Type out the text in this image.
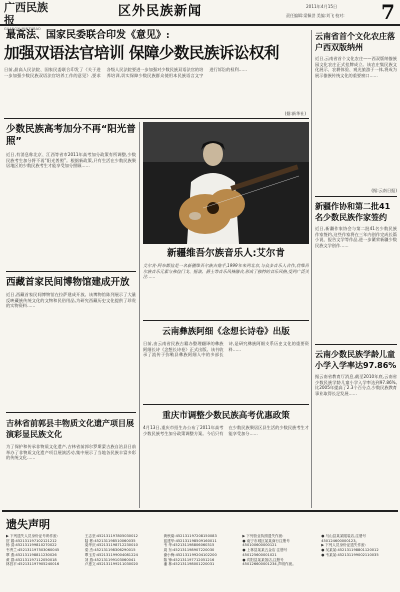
广西民族报
GUANGXI MINZUBAO
区外民族新闻	2011年4月15日
责任编辑:梁佩誉 美编:刘飞 校对:	7
最高法、国家民委联合印发《意见》:
加强双语法官培训 保障少数民族诉讼权利
日前,最高人民法院、国家民委联合印发了《关于进一步加强少数民族双语法官培养工作的意见》,要求各级人民法院要进一步加强对少数民族双语法官的培养培训,切实保障少数民族群众使用本民族语言文字进行诉讼的权利……
(据:新华社)
少数民族高考加分不再“阳光普照”
近日,有消息称北京、江西等省市2011年高考加分政策有所调整,少数民族考生加分将不再“阳光普照”。根据新政策,只有生活在少数民族聚居地区的少数民族考生才能享受加分照顾……
西藏首家民间博物馆建成开放
近日,西藏首家民间博物馆在拉萨建成开放。该博物馆陈列展示了大量反映藏族传统文化的文物和民俗用品,为研究西藏历史文化提供了珍贵的实物资料……
吉林省前郭县丰物质文化遗产项目展演彩显民族文化
为了保护和传承非物质文化遗产,吉林省前郭尔罗斯蒙古族自治县日前举办了非物质文化遗产项目展演活动,集中展示了当地各民族丰富多彩的传统文化……
新疆维吾尔族音乐人:艾尔肯
艾尔肯·阿布都拉是一名新疆维吾尔族吉他手,1999年来到北京,与众多音乐人合作,将维吾尔族音乐元素与弗拉门戈、摇滚、爵士等音乐风格融合,形成了独特的音乐风格,受到广泛关注……
云南彝族阿细《念想长诗卷》出版
日前,由云南省民族古籍办整理翻译的彝族阿细长诗《念想长诗卷》正式出版。该书收录了流传于弥勒县彝族阿细人中的多部长诗,是研究彝族阿细支系历史文化的重要资料……
重庆市调整少数民族高考优惠政策
4月13日,重庆市招生办公布了2011年高考少数民族考生加分政策调整方案。今后只有在少数民族聚居区县生活的少数民族考生才能享受加分……
云南省首个文化农庄落户西双版纳州
近日,云南省首个文化农庄——西双版纳傣族园文化农庄正式挂牌成立。该农庄集民族文化展示、农耕体验、观光旅游于一体,将成为展示傣族传统文化的重要窗口……
(据:云南日报)
新疆作协和第二批41名少数民族作家签约
近日,新疆作家协会与第二批41名少数民族作家签约,这些作家将在三年内创作完成长篇小说、报告文学等作品,进一步繁荣新疆少数民族文学创作……
云南少数民族学龄儿童小学入学率达97.86%
据云南省教育厅消息,截至2010年底,云南省少数民族学龄儿童小学入学率达到97.86%,比2005年提高了2.3个百分点,少数民族教育事业取得长足发展……
遗失声明
▶ 下列遗失人员身份证号码作废:
贺 娟:452131197102121212
杨 清:452131199810270022
韦秀兰:452131197503060045
覃 燕:452131198811230026
黄 群:452131197112050018
林昌平:452131197905240016
王志坚:452131197805030012
陆 彬:452131198510060035
莫华庆:452131198712230010
梁 杰:452131198306290015
覃玉芳:452131199004081224
刘 燕:452131199103060041
卢惠文:452131199211030020
黄秋菊:452131197208150083
蓝建华:452131198509160011
韦 华:452131198806060315
周 东:452131198907220030
谢小梅:452131199204102200
陈 锋:452131197712051216
潘 林:452131198001220031
▶ 下列营业执照遗失作废:
● 南宁市城区某某商行注册号450100600000121
● 上林县某某五金店 注册号450125600001021
● 宾阳县某某饭店,注册号450126600001234,声明作废。
● 马山县某某服装店,注册号450124600000123。
▶ 下列人员身份证遗失作废:
● 吴某某:452131198801120012
● 韦某某:452131199002110035
